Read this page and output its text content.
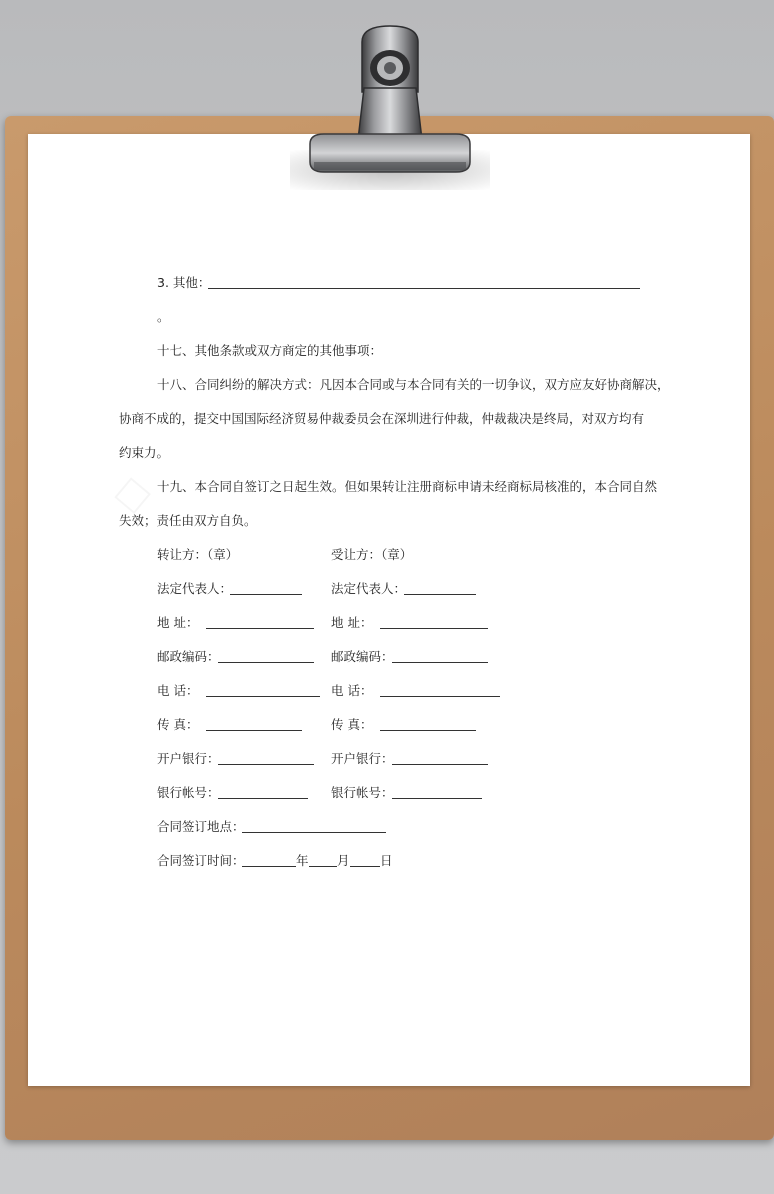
□
3. 其他：
。
十七、其他条款或双方商定的其他事项：
十八、合同纠纷的解决方式：凡因本合同或与本合同有关的一切争议，双方应友好协商解决，
协商不成的，提交中国国际经济贸易仲裁委员会在深圳进行仲裁，仲裁裁决是终局，对双方均有
约束力。
十九、本合同自签订之日起生效。但如果转让注册商标申请未经商标局核准的，本合同自然
失效；责任由双方自负。
转让方：（章）	受让方：（章）
法定代表人：	法定代表人：
地 址：	地 址：
邮政编码：	邮政编码：
电 话：	电 话：
传 真：	传 真：
开户银行：	开户银行：
银行帐号：	银行帐号：
合同签订地点：
合同签订时间：	年 月 日
